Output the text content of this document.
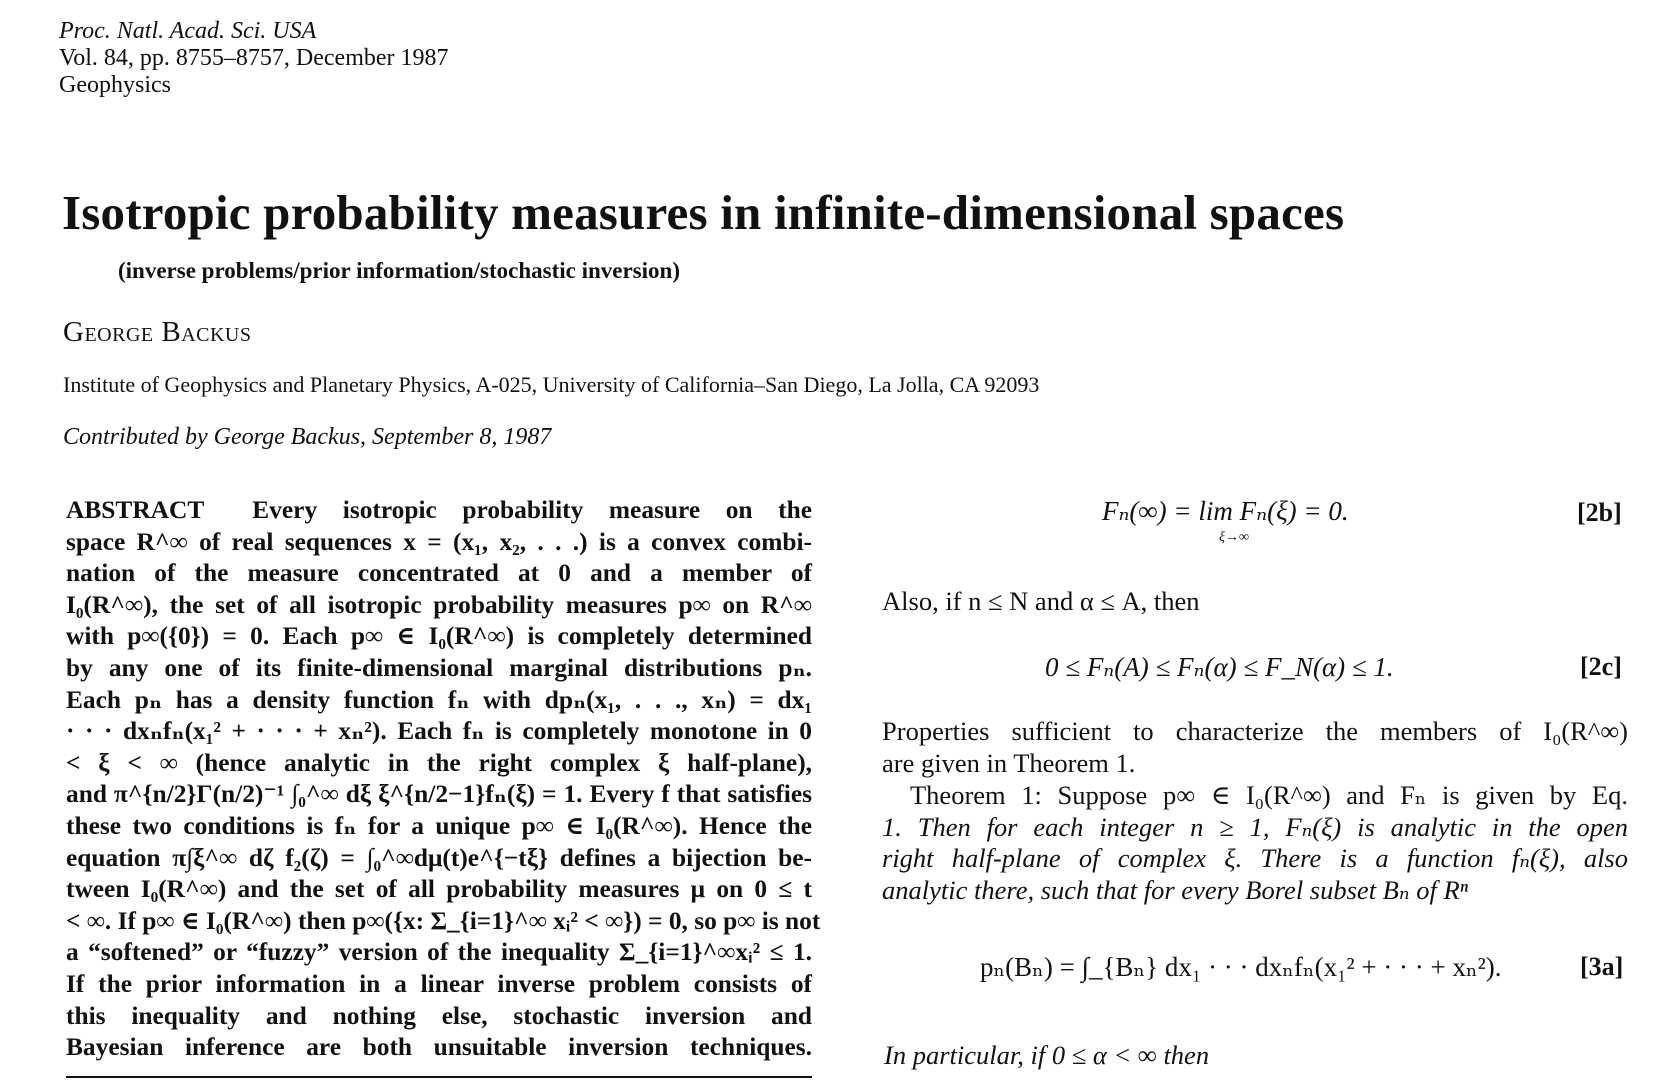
Proc. Natl. Acad. Sci. USA
Vol. 84, pp. 8755–8757, December 1987
Geophysics
Isotropic probability measures in infinite-dimensional spaces
(inverse problems/prior information/stochastic inversion)
George Backus
Institute of Geophysics and Planetary Physics, A-025, University of California–San Diego, La Jolla, CA 92093
Contributed by George Backus, September 8, 1987
ABSTRACT Every isotropic probability measure on the
space R^∞ of real sequences x = (x₁, x₂, . . .) is a convex combi-
nation of the measure concentrated at 0 and a member of
I₀(R^∞), the set of all isotropic probability measures p∞ on R^∞
with p∞({0}) = 0. Each p∞ ∈ I₀(R^∞) is completely determined
by any one of its finite-dimensional marginal distributions pₙ.
Each pₙ has a density function fₙ with dpₙ(x₁, . . ., xₙ) = dx₁
· · · dxₙfₙ(x₁² + · · · + xₙ²). Each fₙ is completely monotone in 0
< ξ < ∞ (hence analytic in the right complex ξ half-plane),
and π^{n/2}Γ(n/2)⁻¹ ∫₀^∞ dξ ξ^{n/2−1}fₙ(ξ) = 1. Every f that satisfies
these two conditions is fₙ for a unique p∞ ∈ I₀(R^∞). Hence the
equation π∫ξ^∞ dζ f₂(ζ) = ∫₀^∞dμ(t)e^{−tξ} defines a bijection be-
tween I₀(R^∞) and the set of all probability measures μ on 0 ≤ t
< ∞. If p∞ ∈ I₀(R^∞) then p∞({x: Σ_{i=1}^∞ xᵢ² < ∞}) = 0, so p∞ is not
a “softened” or “fuzzy” version of the inequality Σ_{i=1}^∞xᵢ² ≤ 1.
If the prior information in a linear inverse problem consists of
this inequality and nothing else, stochastic inversion and
Bayesian inference are both unsuitable inversion techniques.
Fₙ(∞) = lim Fₙ(ξ) = 0.
ξ→∞
[2b]
Also, if n ≤ N and α ≤ A, then
0 ≤ Fₙ(A) ≤ Fₙ(α) ≤ F_N(α) ≤ 1.	[2c]
Properties sufficient to characterize the members of I₀(R^∞)
are given in Theorem 1.
Theorem 1: Suppose p∞ ∈ I₀(R^∞) and Fₙ is given by Eq.
1. Then for each integer n ≥ 1, Fₙ(ξ) is analytic in the open
right half-plane of complex ξ. There is a function fₙ(ξ), also
analytic there, such that for every Borel subset Bₙ of Rⁿ
pₙ(Bₙ) = ∫_{Bₙ} dx₁ · · · dxₙfₙ(x₁² + · · · + xₙ²).	[3a]
In particular, if 0 ≤ α < ∞ then
